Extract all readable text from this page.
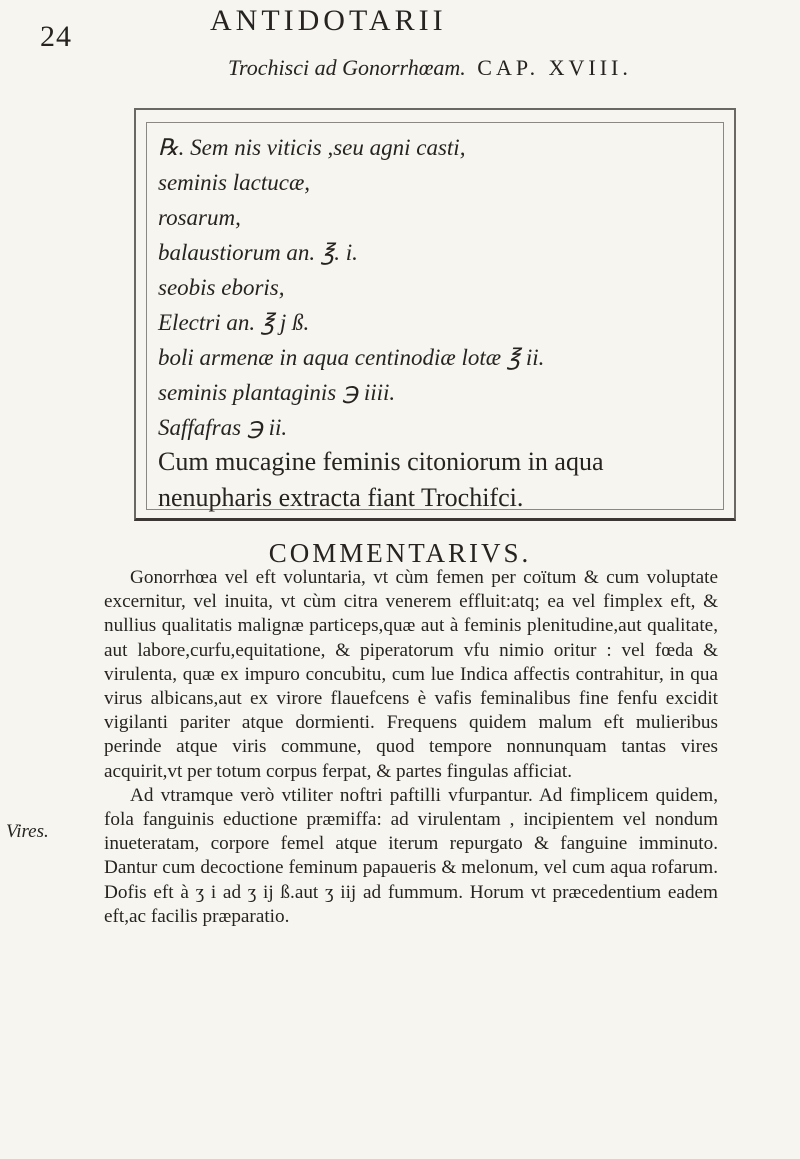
24	ANTIDOTARII
Trochisci ad Gonorrhœam. CAP. XVIII.
℞. Sem nis viticis ,seu agni casti,
seminis lactucæ,
rosarum,
balaustiorum an. ℥. i.
seobis eboris,
Electri an. ℥ j ß.
boli armenæ in aqua centinodiæ lotæ ℥ ii.
seminis plantaginis ℈ iiii.
Saffafras ℈ ii.
Cum mucagine feminis citoniorum in aqua nenupharis extracta fiant Trochifci.
COMMENTARIVS.

Gonorrhœa vel eft voluntaria, vt cùm femen per coïtum & cum voluptate excernitur, vel inuita, vt cùm citra venerem effluit:atq; ea vel fimplex eft, & nullius qualitatis malignæ particeps,quæ aut à feminis plenitudine,aut qualitate, aut labore,curfu,equitatione, & piperatorum vfu nimio oritur : vel fœda & virulenta, quæ ex impuro concubitu, cum lue Indica affectis contrahitur, in qua virus albicans,aut ex virore flauefcens è vafis feminalibus fine fenfu excidit vigilanti pariter atque dormienti. Frequens quidem malum eft mulieribus perinde atque viris commune, quod tempore nonnunquam tantas vires acquirit,vt per totum corpus ferpat, & partes fingulas afficiat.

Ad vtramque verò vtiliter noftri paftilli vfurpantur. Ad fimplicem quidem, fola fanguinis eductione præmiffa: ad virulentam , incipientem vel nondum inueteratam, corpore femel atque iterum repurgato & fanguine imminuto. Dantur cum decoctione feminum papaueris & melonum, vel cum aqua rofarum. Dofis eft à ʒ i ad ʒ ij ß.aut ʒ iij ad fummum. Horum vt præcedentium eadem eft,ac facilis præparatio.

Vires.
